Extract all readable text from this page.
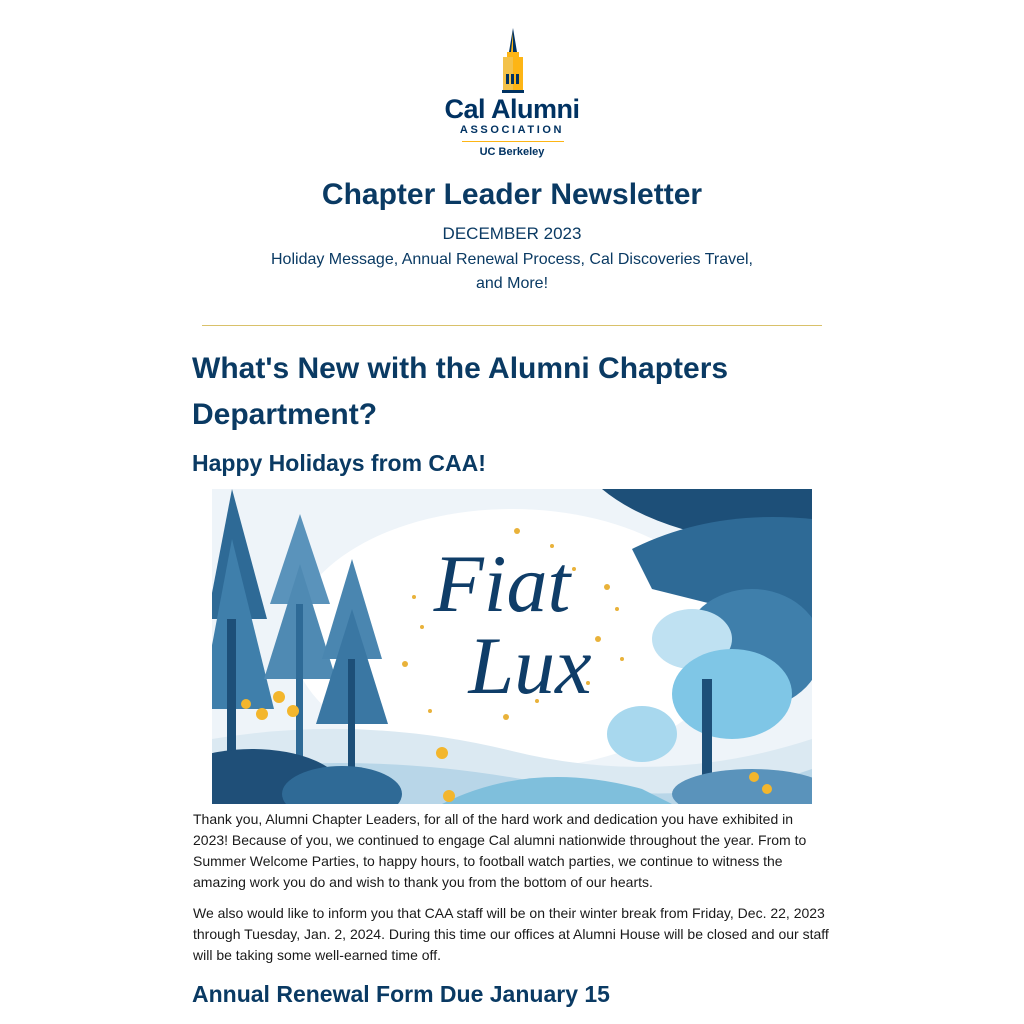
Cal Alumni
ASSOCIATION
UC Berkeley
Chapter Leader Newsletter
DECEMBER 2023
Holiday Message, Annual Renewal Process, Cal Discoveries Travel, and More!
What's New with the Alumni Chapters Department?
Happy Holidays from CAA!
Fiat
Lux

Thank you, Alumni Chapter Leaders, for all of the hard work and dedication you have exhibited in 2023! Because of you, we continued to engage Cal alumni nationwide throughout the year. From to Summer Welcome Parties, to happy hours, to football watch parties, we continue to witness the amazing work you do and wish to thank you from the bottom of our hearts.

We also would like to inform you that CAA staff will be on their winter break from Friday, Dec. 22, 2023 through Tuesday, Jan. 2, 2024. During this time our offices at Alumni House will be closed and our staff will be taking some well-earned time off.

Annual Renewal Form Due January 15
